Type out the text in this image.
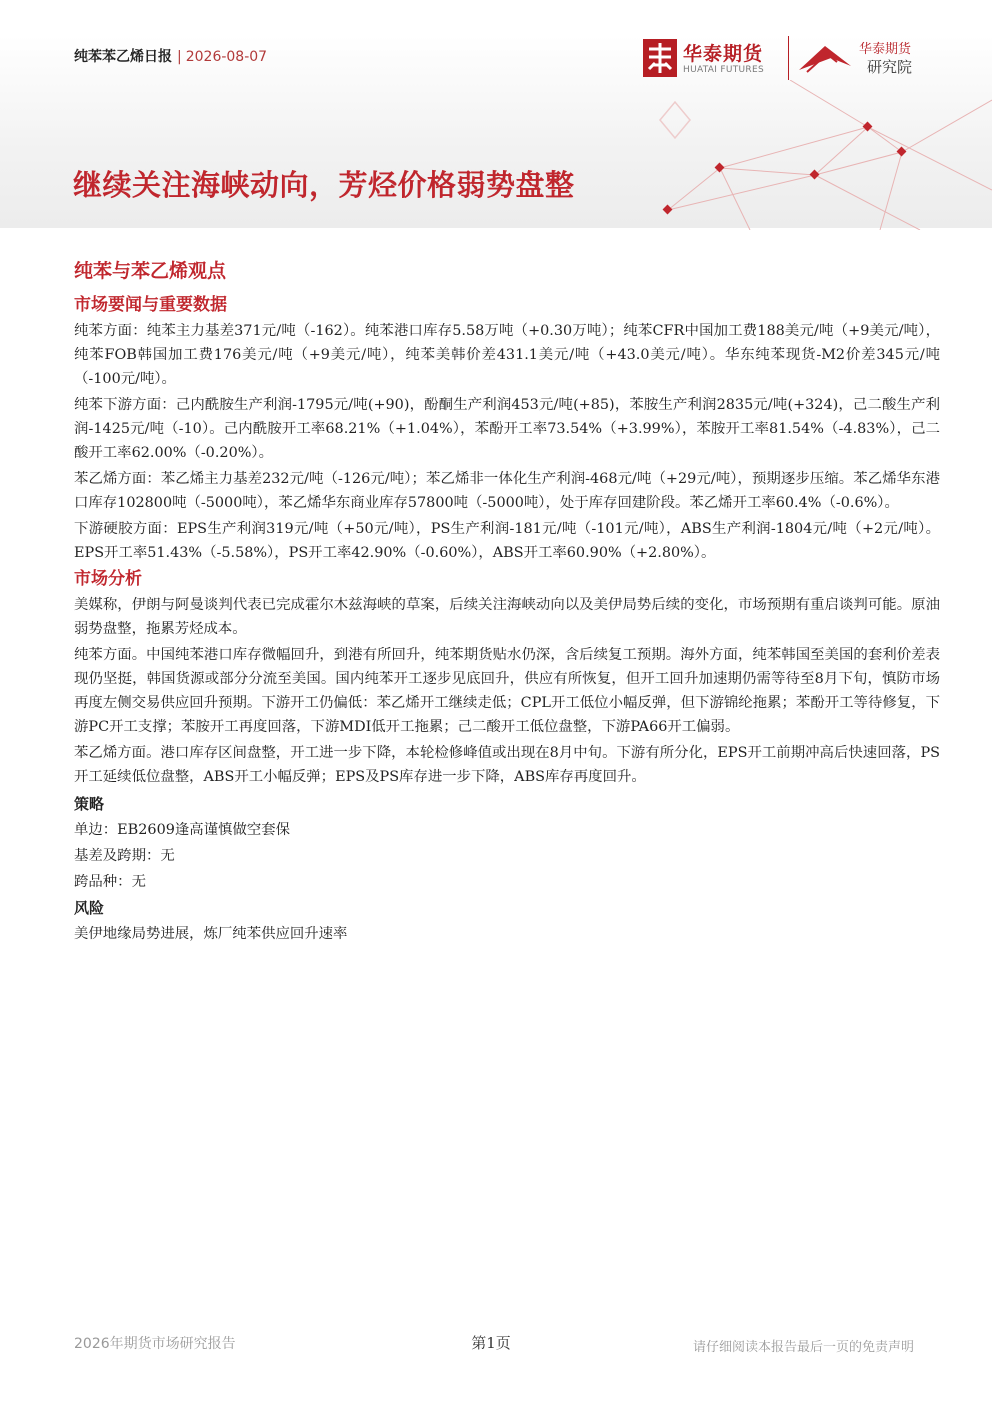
纯苯苯乙烯日报 | 2026-08-07	华泰期货
HUATAI FUTURES
华泰期货
研究院
继续关注海峡动向，芳烃价格弱势盘整
纯苯与苯乙烯观点
市场要闻与重要数据

纯苯方面：纯苯主力基差371元/吨（-162）。纯苯港口库存5.58万吨（+0.30万吨）；纯苯CFR中国加工费188美元/吨（+9美元/吨），纯苯FOB韩国加工费176美元/吨（+9美元/吨），纯苯美韩价差431.1美元/吨（+43.0美元/吨）。华东纯苯现货-M2价差345元/吨（-100元/吨）。

纯苯下游方面：己内酰胺生产利润-1795元/吨(+90)，酚酮生产利润453元/吨(+85)，苯胺生产利润2835元/吨(+324)，己二酸生产利润-1425元/吨（-10）。己内酰胺开工率68.21%（+1.04%），苯酚开工率73.54%（+3.99%），苯胺开工率81.54%（-4.83%），己二酸开工率62.00%（-0.20%）。

苯乙烯方面：苯乙烯主力基差232元/吨（-126元/吨）；苯乙烯非一体化生产利润-468元/吨（+29元/吨），预期逐步压缩。苯乙烯华东港口库存102800吨（-5000吨），苯乙烯华东商业库存57800吨（-5000吨），处于库存回建阶段。苯乙烯开工率60.4%（-0.6%）。

下游硬胶方面：EPS生产利润319元/吨（+50元/吨），PS生产利润-181元/吨（-101元/吨），ABS生产利润-1804元/吨（+2元/吨）。EPS开工率51.43%（-5.58%），PS开工率42.90%（-0.60%），ABS开工率60.90%（+2.80%）。

市场分析

美媒称，伊朗与阿曼谈判代表已完成霍尔木兹海峡的草案，后续关注海峡动向以及美伊局势后续的变化，市场预期有重启谈判可能。原油弱势盘整，拖累芳烃成本。

纯苯方面。中国纯苯港口库存微幅回升，到港有所回升，纯苯期货贴水仍深，含后续复工预期。海外方面，纯苯韩国至美国的套利价差表现仍坚挺，韩国货源或部分分流至美国。国内纯苯开工逐步见底回升，供应有所恢复，但开工回升加速期仍需等待至8月下旬，慎防市场再度左侧交易供应回升预期。下游开工仍偏低：苯乙烯开工继续走低；CPL开工低位小幅反弹，但下游锦纶拖累；苯酚开工等待修复，下游PC开工支撑；苯胺开工再度回落，下游MDI低开工拖累；己二酸开工低位盘整，下游PA66开工偏弱。

苯乙烯方面。港口库存区间盘整，开工进一步下降，本轮检修峰值或出现在8月中旬。下游有所分化，EPS开工前期冲高后快速回落，PS开工延续低位盘整，ABS开工小幅反弹；EPS及PS库存进一步下降，ABS库存再度回升。

策略

单边：EB2609逢高谨慎做空套保

基差及跨期：无

跨品种：无

风险

美伊地缘局势进展，炼厂纯苯供应回升速率

2026年期货市场研究报告	第1页	请仔细阅读本报告最后一页的免责声明
